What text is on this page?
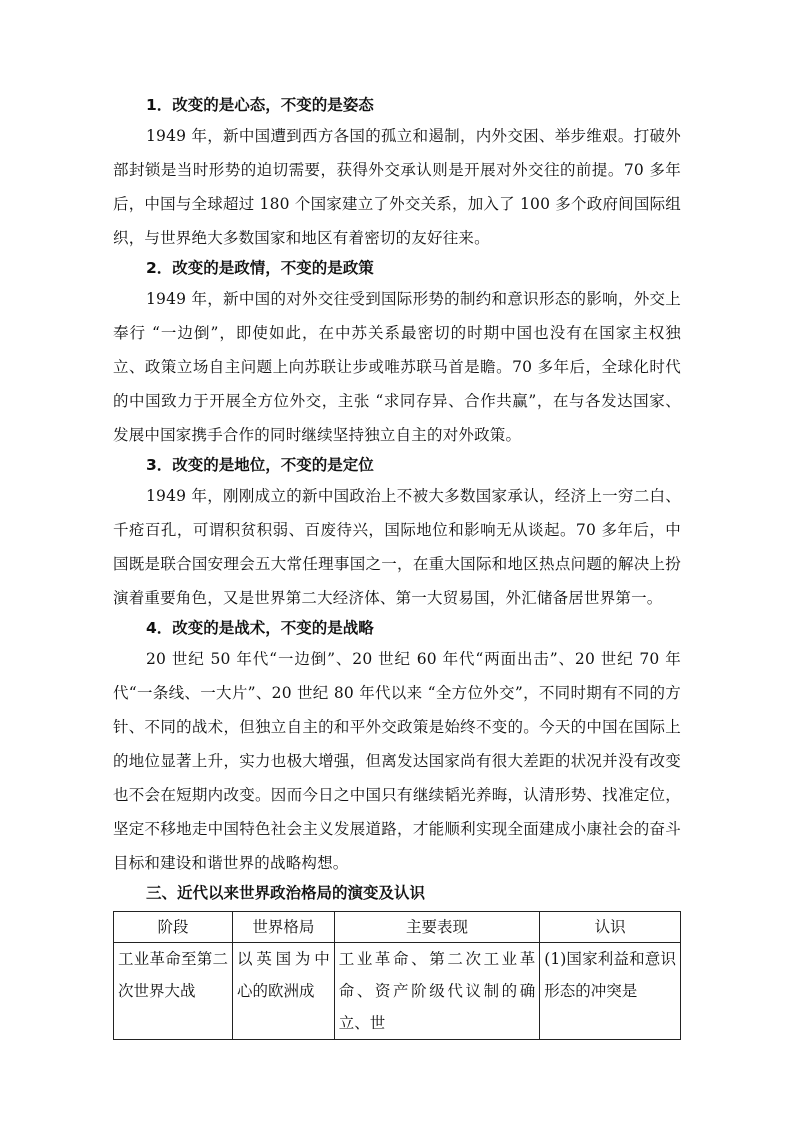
1．改变的是心态，不变的是姿态

1949 年，新中国遭到西方各国的孤立和遏制，内外交困、举步维艰。打破外部封锁是当时形势的迫切需要，获得外交承认则是开展对外交往的前提。70 多年后，中国与全球超过 180 个国家建立了外交关系，加入了 100 多个政府间国际组织，与世界绝大多数国家和地区有着密切的友好往来。

2．改变的是政情，不变的是政策

1949 年，新中国的对外交往受到国际形势的制约和意识形态的影响，外交上奉行 “一边倒”，即使如此，在中苏关系最密切的时期中国也没有在国家主权独立、政策立场自主问题上向苏联让步或唯苏联马首是瞻。70 多年后，全球化时代的中国致力于开展全方位外交，主张 “求同存异、合作共赢”，在与各发达国家、发展中国家携手合作的同时继续坚持独立自主的对外政策。

3．改变的是地位，不变的是定位

1949 年，刚刚成立的新中国政治上不被大多数国家承认，经济上一穷二白、千疮百孔，可谓积贫积弱、百废待兴，国际地位和影响无从谈起。70 多年后，中国既是联合国安理会五大常任理事国之一，在重大国际和地区热点问题的解决上扮演着重要角色，又是世界第二大经济体、第一大贸易国，外汇储备居世界第一。

4．改变的是战术，不变的是战略

20 世纪 50 年代“一边倒”、20 世纪 60 年代“两面出击”、20 世纪 70 年代“一条线、一大片”、20 世纪 80 年代以来 “全方位外交”，不同时期有不同的方针、不同的战术，但独立自主的和平外交政策是始终不变的。今天的中国在国际上的地位显著上升，实力也极大增强，但离发达国家尚有很大差距的状况并没有改变也不会在短期内改变。因而今日之中国只有继续韬光养晦，认清形势、找准定位，坚定不移地走中国特色社会主义发展道路，才能顺利实现全面建成小康社会的奋斗目标和建设和谐世界的战略构想。

三、近代以来世界政治格局的演变及认识

阶段	世界格局	主要表现	认识
工业革命至第二次世界大战	以英国为中心的欧洲成	工业革命、第二次工业革命、资产阶级代议制的确立、世	(1)国家利益和意识形态的冲突是
